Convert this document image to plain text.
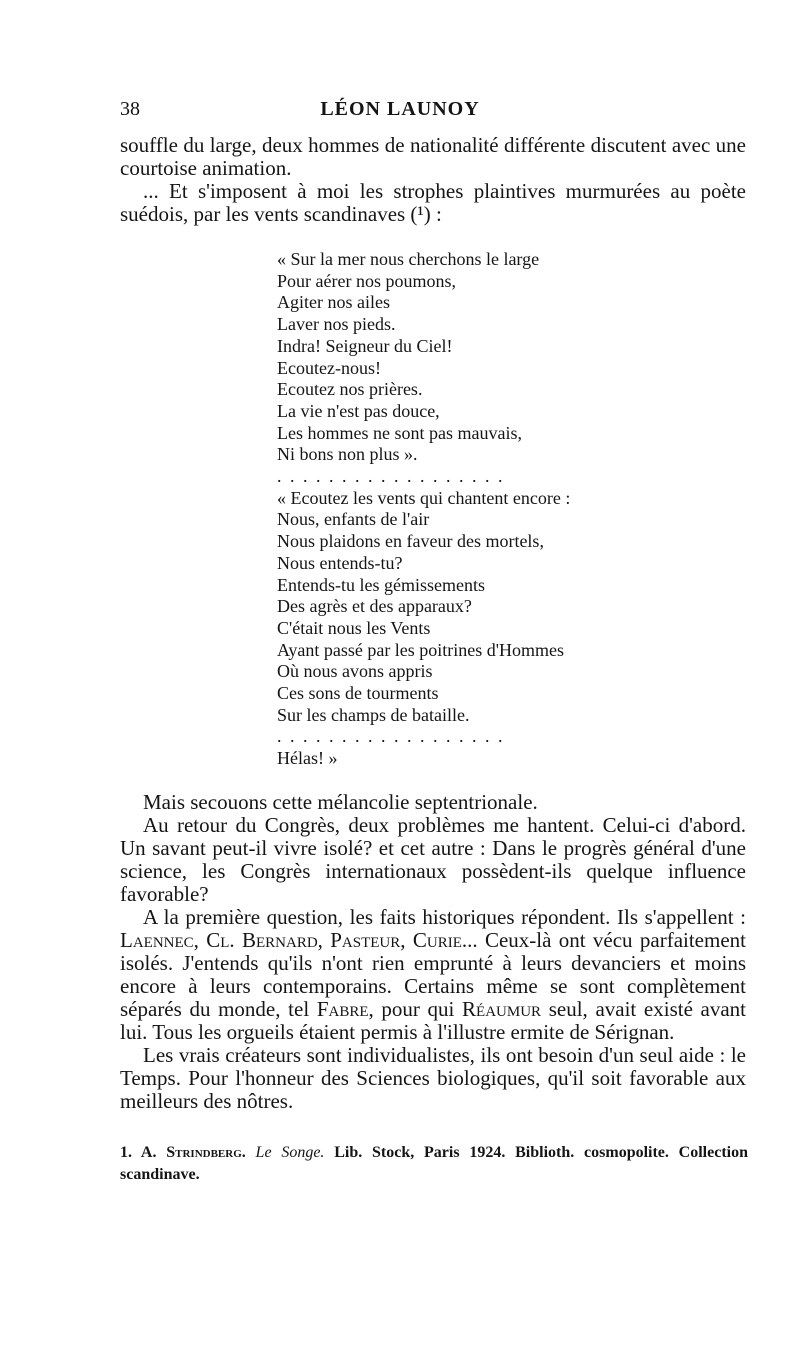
38	LÉON LAUNOY

souffle du large, deux hommes de nationalité différente discutent avec une courtoise animation.

... Et s'imposent à moi les strophes plaintives murmurées au poète suédois, par les vents scandinaves (¹) :

« Sur la mer nous cherchons le large
Pour aérer nos poumons,
Agiter nos ailes
Laver nos pieds.
Indra! Seigneur du Ciel!
Ecoutez-nous!
Ecoutez nos prières.
La vie n'est pas douce,
Les hommes ne sont pas mauvais,
Ni bons non plus ».
. . . . . . . . . . . . . . . . . .
« Ecoutez les vents qui chantent encore :
Nous, enfants de l'air
Nous plaidons en faveur des mortels,
Nous entends-tu?
Entends-tu les gémissements
Des agrès et des apparaux?
C'était nous les Vents
Ayant passé par les poitrines d'Hommes
Où nous avons appris
Ces sons de tourments
Sur les champs de bataille.
. . . . . . . . . . . . . . . . . .
Hélas! »

Mais secouons cette mélancolie septentrionale.

Au retour du Congrès, deux problèmes me hantent. Celui-ci d'abord. Un savant peut-il vivre isolé? et cet autre : Dans le progrès général d'une science, les Congrès internationaux possèdent-ils quelque influence favorable?

A la première question, les faits historiques répondent. Ils s'appellent : Laennec, Cl. Bernard, Pasteur, Curie... Ceux-là ont vécu parfaitement isolés. J'entends qu'ils n'ont rien emprunté à leurs devanciers et moins encore à leurs contemporains. Certains même se sont complètement séparés du monde, tel Fabre, pour qui Réaumur seul, avait existé avant lui. Tous les orgueils étaient permis à l'illustre ermite de Sérignan.

Les vrais créateurs sont individualistes, ils ont besoin d'un seul aide : le Temps. Pour l'honneur des Sciences biologiques, qu'il soit favorable aux meilleurs des nôtres.

1. A. Strindberg. Le Songe. Lib. Stock, Paris 1924. Biblioth. cosmopolite. Collection scandinave.
